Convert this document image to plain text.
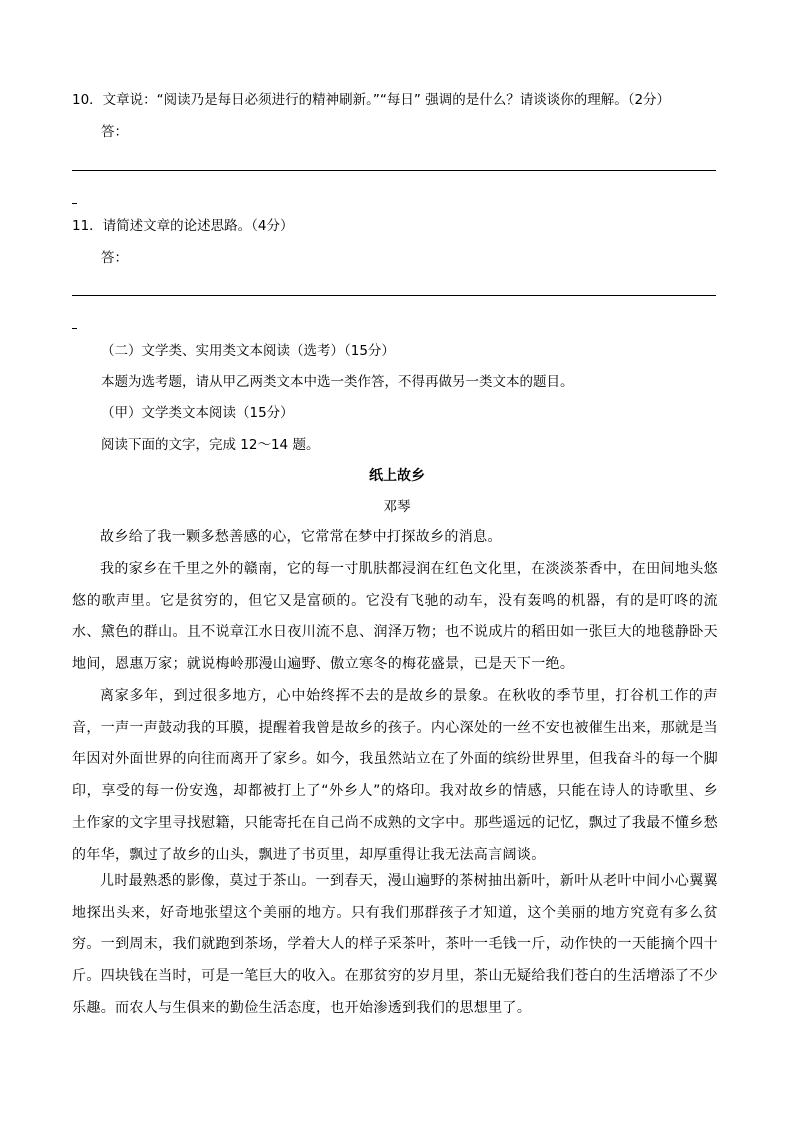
10．文章说：“阅读乃是每日必须进行的精神刷新。”“每日” 强调的是什么？请谈谈你的理解。（2分）
答：
11．请简述文章的论述思路。（4分）
答：
（二）文学类、实用类文本阅读（选考）（15分）
本题为选考题，请从甲乙两类文本中选一类作答，不得再做另一类文本的题目。
（甲）文学类文本阅读（15分）
阅读下面的文字，完成 12～14 题。
纸上故乡
邓琴
故乡给了我一颗多愁善感的心，它常常在梦中打探故乡的消息。
我的家乡在千里之外的赣南，它的每一寸肌肤都浸润在红色文化里，在淡淡茶香中，在田间地头悠悠的歌声里。它是贫穷的，但它又是富硕的。它没有飞驰的动车，没有轰鸣的机器，有的是叮咚的流水、黛色的群山。且不说章江水日夜川流不息、润泽万物；也不说成片的稻田如一张巨大的地毯静卧天地间，恩惠万家；就说梅岭那漫山遍野、傲立寒冬的梅花盛景，已是天下一绝。
离家多年，到过很多地方，心中始终挥不去的是故乡的景象。在秋收的季节里，打谷机工作的声音，一声一声鼓动我的耳膜，提醒着我曾是故乡的孩子。内心深处的一丝不安也被催生出来，那就是当年因对外面世界的向往而离开了家乡。如今，我虽然站立在了外面的缤纷世界里，但我奋斗的每一个脚印，享受的每一份安逸，却都被打上了“外乡人”的烙印。我对故乡的情感，只能在诗人的诗歌里、乡土作家的文字里寻找慰籍，只能寄托在自己尚不成熟的文字中。那些遥远的记忆，飘过了我最不懂乡愁的年华，飘过了故乡的山头，飘进了书页里，却厚重得让我无法高言阔谈。
儿时最熟悉的影像，莫过于茶山。一到春天，漫山遍野的茶树抽出新叶，新叶从老叶中间小心翼翼地探出头来，好奇地张望这个美丽的地方。只有我们那群孩子才知道，这个美丽的地方究竟有多么贫穷。一到周末，我们就跑到茶场，学着大人的样子采茶叶，茶叶一毛钱一斤，动作快的一天能摘个四十斤。四块钱在当时，可是一笔巨大的收入。在那贫穷的岁月里，茶山无疑给我们苍白的生活增添了不少乐趣。而农人与生俱来的勤俭生活态度，也开始渗透到我们的思想里了。
